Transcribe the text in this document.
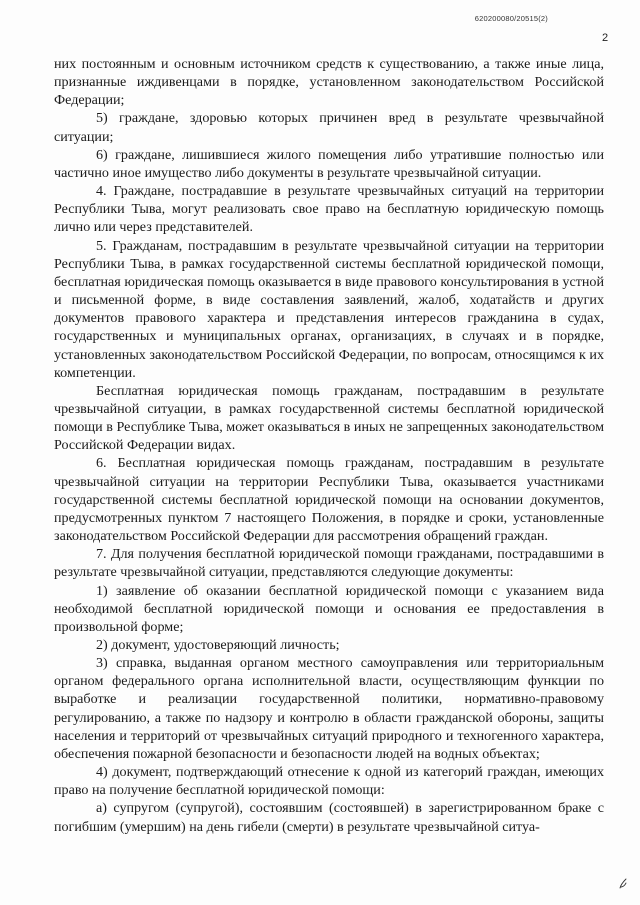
620200080/20515(2)
2

них постоянным и основным источником средств к существованию, а также иные лица, признанные иждивенцами в порядке, установленном законодательством Российской Федерации;

5) граждане, здоровью которых причинен вред в результате чрезвычайной ситуации;

6) граждане, лишившиеся жилого помещения либо утратившие полностью или частично иное имущество либо документы в результате чрезвычайной ситуации.

4. Граждане, пострадавшие в результате чрезвычайных ситуаций на территории Республики Тыва, могут реализовать свое право на бесплатную юридическую помощь лично или через представителей.

5. Гражданам, пострадавшим в результате чрезвычайной ситуации на территории Республики Тыва, в рамках государственной системы бесплатной юридической помощи, бесплатная юридическая помощь оказывается в виде правового консультирования в устной и письменной форме, в виде составления заявлений, жалоб, ходатайств и других документов правового характера и представления интересов гражданина в судах, государственных и муниципальных органах, организациях, в случаях и в порядке, установленных законодательством Российской Федерации, по вопросам, относящимся к их компетенции.

Бесплатная юридическая помощь гражданам, пострадавшим в результате чрезвычайной ситуации, в рамках государственной системы бесплатной юридической помощи в Республике Тыва, может оказываться в иных не запрещенных законодательством Российской Федерации видах.

6. Бесплатная юридическая помощь гражданам, пострадавшим в результате чрезвычайной ситуации на территории Республики Тыва, оказывается участниками государственной системы бесплатной юридической помощи на основании документов, предусмотренных пунктом 7 настоящего Положения, в порядке и сроки, установленные законодательством Российской Федерации для рассмотрения обращений граждан.

7. Для получения бесплатной юридической помощи гражданами, пострадавшими в результате чрезвычайной ситуации, представляются следующие документы:

1) заявление об оказании бесплатной юридической помощи с указанием вида необходимой бесплатной юридической помощи и основания ее предоставления в произвольной форме;

2) документ, удостоверяющий личность;

3) справка, выданная органом местного самоуправления или территориальным органом федерального органа исполнительной власти, осуществляющим функции по выработке и реализации государственной политики, нормативно-правовому регулированию, а также по надзору и контролю в области гражданской обороны, защиты населения и территорий от чрезвычайных ситуаций природного и техногенного характера, обеспечения пожарной безопасности и безопасности людей на водных объектах;

4) документ, подтверждающий отнесение к одной из категорий граждан, имеющих право на получение бесплатной юридической помощи:

а) супругом (супругой), состоявшим (состоявшей) в зарегистрированном браке с погибшим (умершим) на день гибели (смерти) в результате чрезвычайной ситуа-
